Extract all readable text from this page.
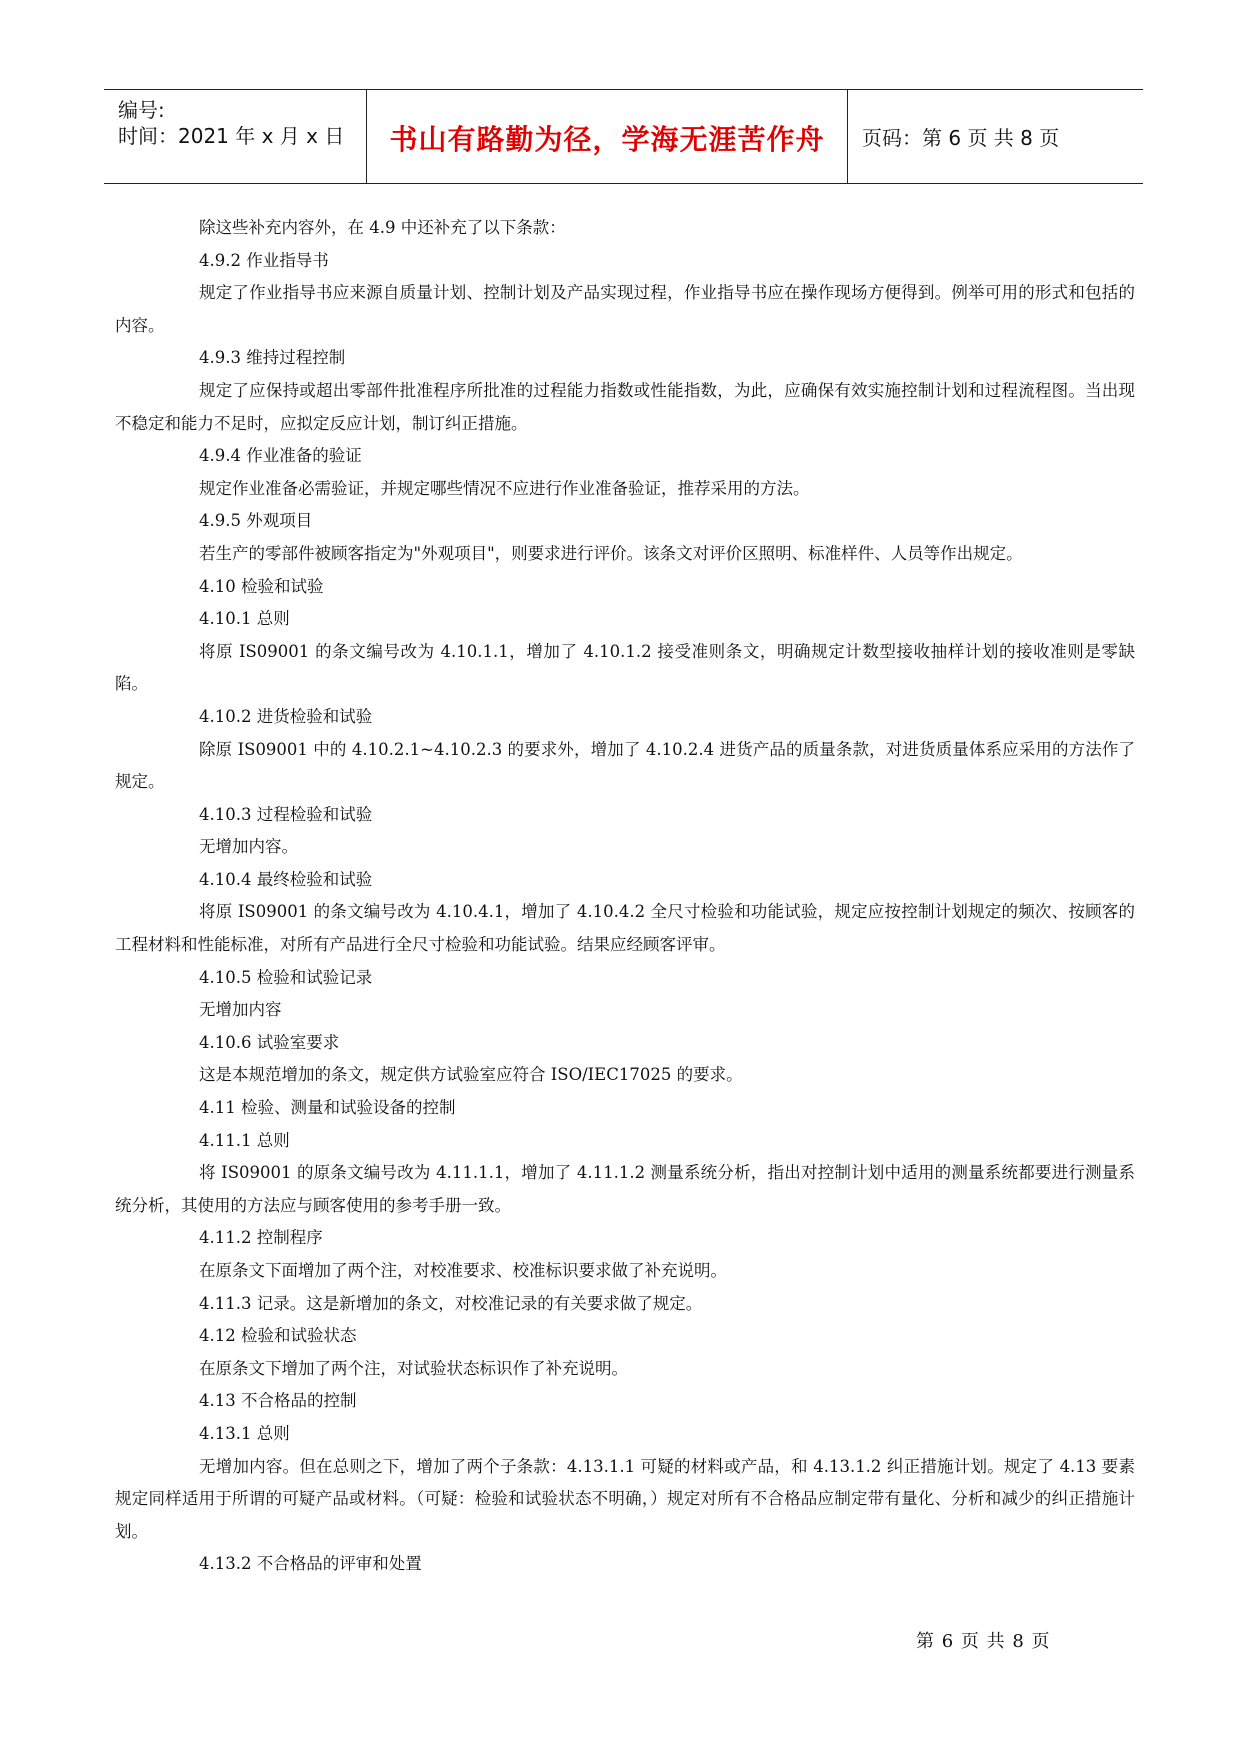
编号:
时间：2021 年 x 月 x 日	书山有路勤为径，学海无涯苦作舟	页码：第 6 页 共 8 页

除这些补充内容外，在 4.9 中还补充了以下条款：

4.9.2 作业指导书

规定了作业指导书应来源自质量计划、控制计划及产品实现过程，作业指导书应在操作现场方便得到。例举可用的形式和包括的内容。

4.9.3 维持过程控制

规定了应保持或超出零部件批准程序所批准的过程能力指数或性能指数，为此，应确保有效实施控制计划和过程流程图。当出现不稳定和能力不足时，应拟定反应计划，制订纠正措施。

4.9.4 作业准备的验证

规定作业准备必需验证，并规定哪些情况不应进行作业准备验证，推荐采用的方法。

4.9.5 外观项目

若生产的零部件被顾客指定为"外观项目"，则要求进行评价。该条文对评价区照明、标准样件、人员等作出规定。

4.10 检验和试验

4.10.1 总则

将原 IS09001 的条文编号改为 4.10.1.1，增加了 4.10.1.2 接受准则条文，明确规定计数型接收抽样计划的接收准则是零缺陷。

4.10.2 进货检验和试验

除原 IS09001 中的 4.10.2.1~4.10.2.3 的要求外，增加了 4.10.2.4 进货产品的质量条款，对进货质量体系应采用的方法作了规定。

4.10.3 过程检验和试验

无增加内容。

4.10.4 最终检验和试验

将原 IS09001 的条文编号改为 4.10.4.1，增加了 4.10.4.2 全尺寸检验和功能试验，规定应按控制计划规定的频次、按顾客的工程材料和性能标准，对所有产品进行全尺寸检验和功能试验。结果应经顾客评审。

4.10.5 检验和试验记录

无增加内容

4.10.6 试验室要求

这是本规范增加的条文，规定供方试验室应符合 ISO/IEC17025 的要求。

4.11 检验、测量和试验设备的控制

4.11.1 总则

将 IS09001 的原条文编号改为 4.11.1.1，增加了 4.11.1.2 测量系统分析，指出对控制计划中适用的测量系统都要进行测量系统分析，其使用的方法应与顾客使用的参考手册一致。

4.11.2 控制程序

在原条文下面增加了两个注，对校准要求、校准标识要求做了补充说明。

4.11.3 记录。这是新增加的条文，对校准记录的有关要求做了规定。

4.12 检验和试验状态

在原条文下增加了两个注，对试验状态标识作了补充说明。

4.13 不合格品的控制

4.13.1 总则

无增加内容。但在总则之下，增加了两个子条款：4.13.1.1 可疑的材料或产品，和 4.13.1.2 纠正措施计划。规定了 4.13 要素规定同样适用于所谓的可疑产品或材料。（可疑：检验和试验状态不明确，）规定对所有不合格品应制定带有量化、分析和减少的纠正措施计划。

4.13.2 不合格品的评审和处置

第 6 页 共 8 页
